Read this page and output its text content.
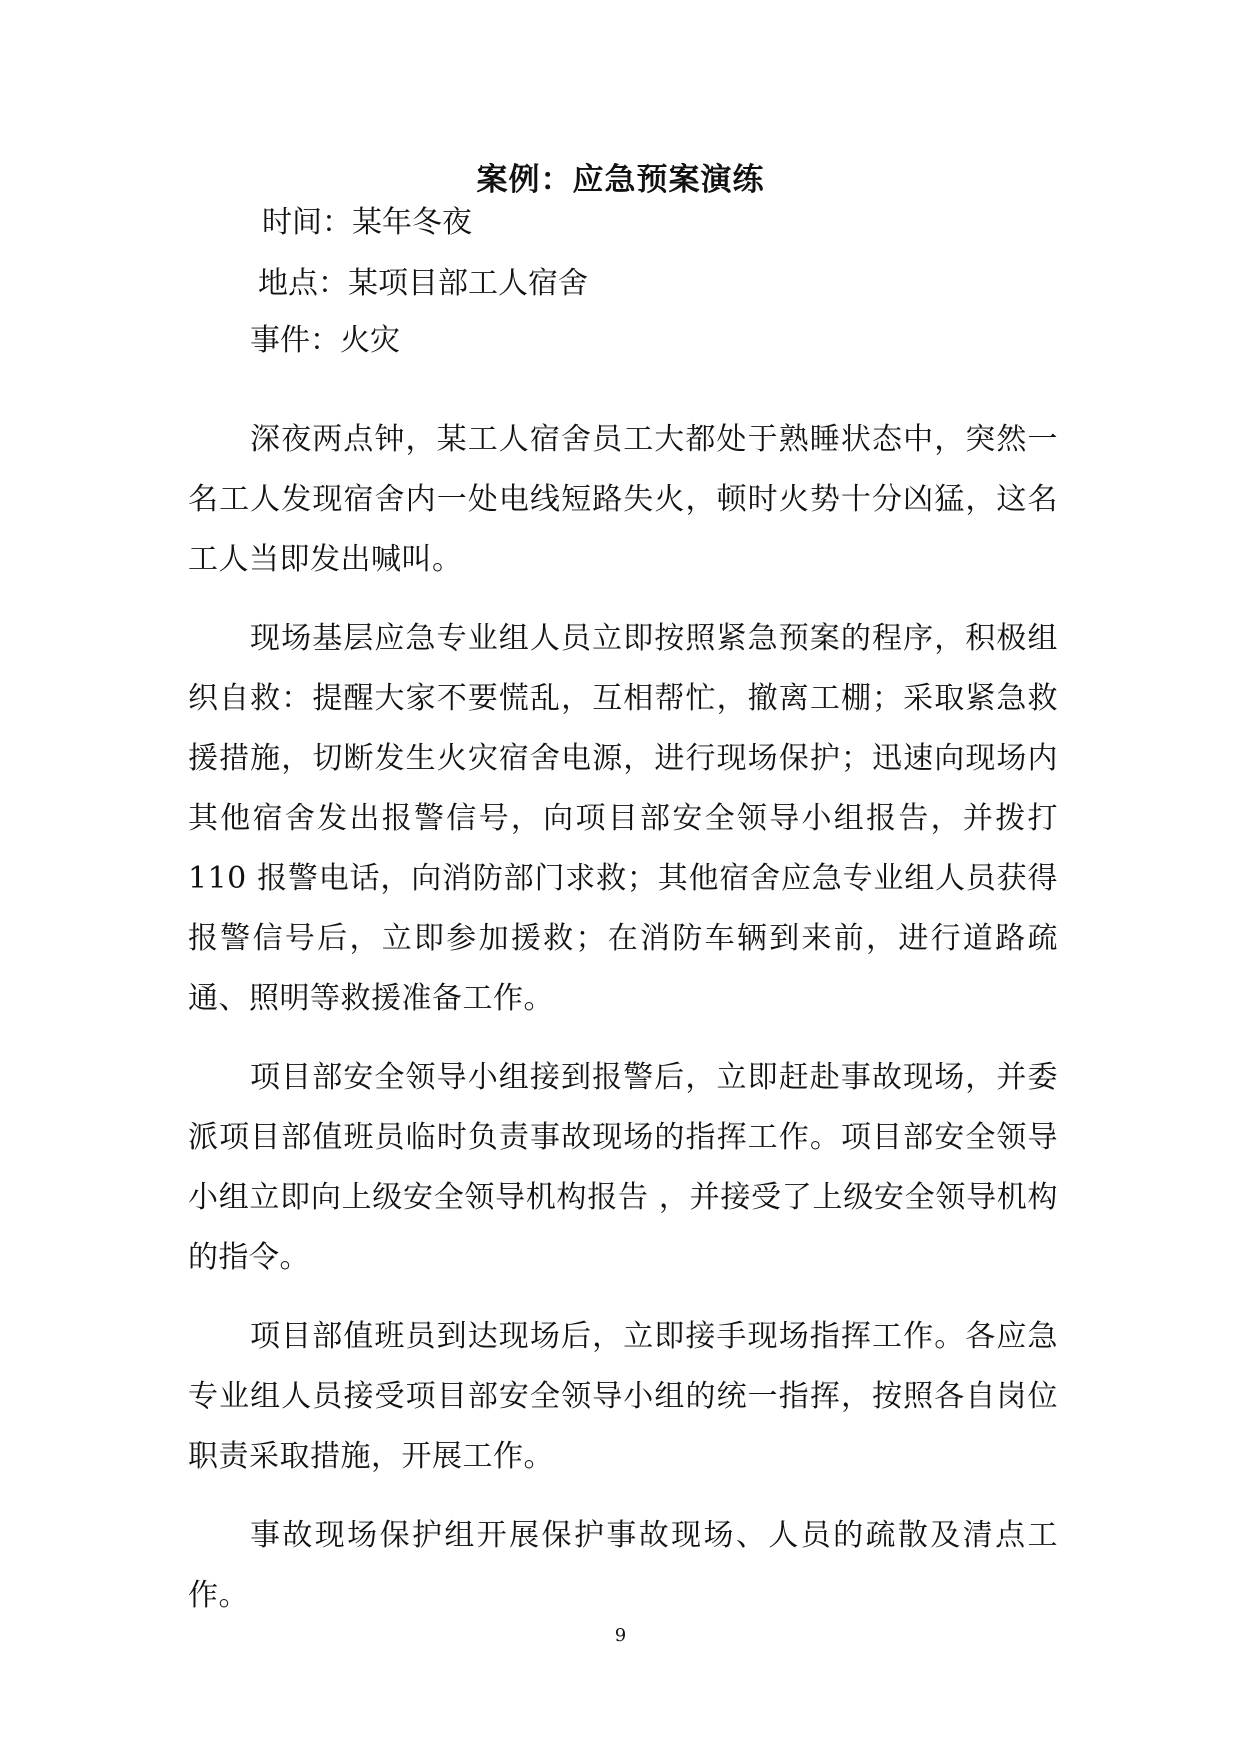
案例：应急预案演练
时间：某年冬夜
地点：某项目部工人宿舍
事件：火灾

深夜两点钟，某工人宿舍员工大都处于熟睡状态中，突然一名工人发现宿舍内一处电线短路失火，顿时火势十分凶猛，这名工人当即发出喊叫。

现场基层应急专业组人员立即按照紧急预案的程序，积极组织自救：提醒大家不要慌乱，互相帮忙，撤离工棚；采取紧急救援措施，切断发生火灾宿舍电源，进行现场保护；迅速向现场内其他宿舍发出报警信号，向项目部安全领导小组报告，并拨打110 报警电话，向消防部门求救；其他宿舍应急专业组人员获得报警信号后，立即参加援救；在消防车辆到来前，进行道路疏通、照明等救援准备工作。

项目部安全领导小组接到报警后，立即赶赴事故现场，并委派项目部值班员临时负责事故现场的指挥工作。项目部安全领导小组立即向上级安全领导机构报告 ，并接受了上级安全领导机构的指令。

项目部值班员到达现场后，立即接手现场指挥工作。各应急专业组人员接受项目部安全领导小组的统一指挥，按照各自岗位职责采取措施，开展工作。

事故现场保护组开展保护事故现场、人员的疏散及清点工作。

9
